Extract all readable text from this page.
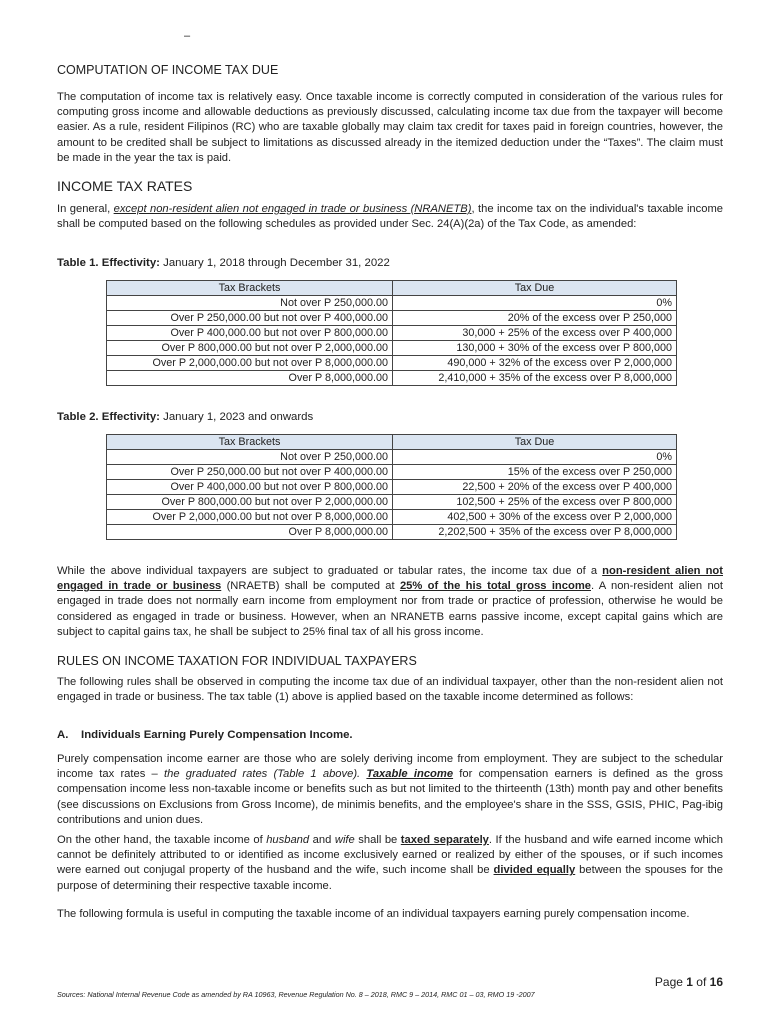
–
COMPUTATION OF INCOME TAX DUE

The computation of income tax is relatively easy. Once taxable income is correctly computed in consideration of the various rules for computing gross income and allowable deductions as previously discussed, calculating income tax due from the taxpayer will become easier. As a rule, resident Filipinos (RC) who are taxable globally may claim tax credit for taxes paid in foreign countries, however, the amount to be credited shall be subject to limitations as discussed already in the itemized deduction under the “Taxes”. The claim must be made in the year the tax is paid.

INCOME TAX RATES

In general, except non-resident alien not engaged in trade or business (NRANETB), the income tax on the individual's taxable income shall be computed based on the following schedules as provided under Sec. 24(A)(2a) of the Tax Code, as amended:

Table 1. Effectivity: January 1, 2018 through December 31, 2022
Tax Brackets	Tax Due
Not over P 250,000.00	0%
Over P 250,000.00 but not over P 400,000.00	20% of the excess over P 250,000
Over P 400,000.00 but not over P 800,000.00	30,000 + 25% of the excess over P 400,000
Over P 800,000.00 but not over P 2,000,000.00	130,000 + 30% of the excess over P 800,000
Over P 2,000,000.00 but not over P 8,000,000.00	490,000 + 32% of the excess over P 2,000,000
Over P 8,000,000.00	2,410,000 + 35% of the excess over P 8,000,000
Table 2. Effectivity: January 1, 2023 and onwards
Tax Brackets	Tax Due
Not over P 250,000.00	0%
Over P 250,000.00 but not over P 400,000.00	15% of the excess over P 250,000
Over P 400,000.00 but not over P 800,000.00	22,500 + 20% of the excess over P 400,000
Over P 800,000.00 but not over P 2,000,000.00	102,500 + 25% of the excess over P 800,000
Over P 2,000,000.00 but not over P 8,000,000.00	402,500 + 30% of the excess over P 2,000,000
Over P 8,000,000.00	2,202,500 + 35% of the excess over P 8,000,000

While the above individual taxpayers are subject to graduated or tabular rates, the income tax due of a non-resident alien not engaged in trade or business (NRAETB) shall be computed at 25% of the his total gross income. A non-resident alien not engaged in trade does not normally earn income from employment nor from trade or practice of profession, otherwise he would be considered as engaged in trade or business. However, when an NRANETB earns passive income, except capital gains which are subject to capital gains tax, he shall be subject to 25% final tax of all his gross income.

RULES ON INCOME TAXATION FOR INDIVIDUAL TAXPAYERS

The following rules shall be observed in computing the income tax due of an individual taxpayer, other than the non-resident alien not engaged in trade or business. The tax table (1) above is applied based on the taxable income determined as follows:

A.    Individuals Earning Purely Compensation Income.

Purely compensation income earner are those who are solely deriving income from employment. They are subject to the schedular income tax rates – the graduated rates (Table 1 above). Taxable income for compensation earners is defined as the gross compensation income less non-taxable income or benefits such as but not limited to the thirteenth (13th) month pay and other benefits (see discussions on Exclusions from Gross Income), de minimis benefits, and the employee's share in the SSS, GSIS, PHIC, Pag-ibig contributions and union dues.

On the other hand, the taxable income of husband and wife shall be taxed separately. If the husband and wife earned income which cannot be definitely attributed to or identified as income exclusively earned or realized by either of the spouses, or if such incomes were earned out conjugal property of the husband and the wife, such income shall be divided equally between the spouses for the purpose of determining their respective taxable income.

The following formula is useful in computing the taxable income of an individual taxpayers earning purely compensation income.

Page 1 of 16
Sources: National Internal Revenue Code as amended by RA 10963, Revenue Regulation No. 8 – 2018, RMC 9 – 2014, RMC 01 – 03, RMO 19 -2007
